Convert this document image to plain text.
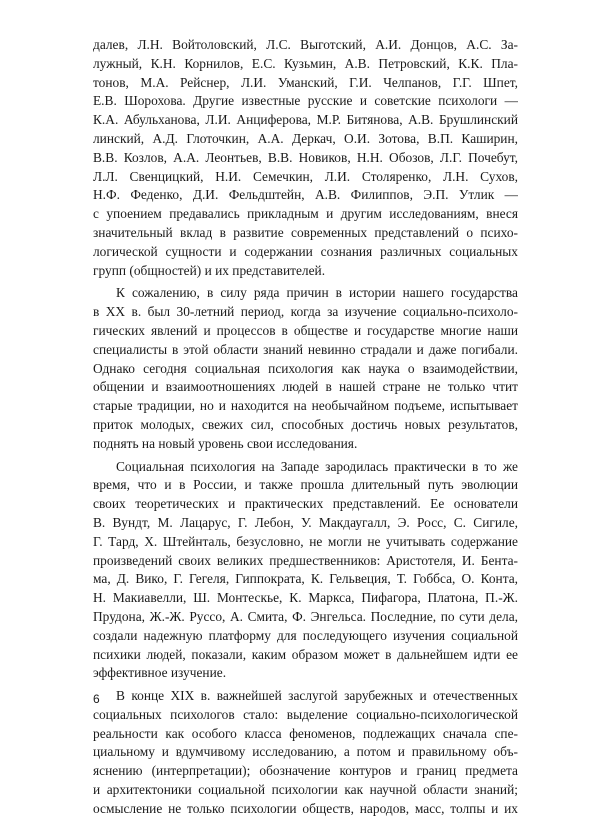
далев, Л.Н. Войтоловский, Л.С. Выготский, А.И. Донцов, А.С. За-
лужный, К.Н. Корнилов, Е.С. Кузьмин, А.В. Петровский, К.К. Пла-
тонов, М.А. Рейснер, Л.И. Уманский, Г.И. Челпанов, Г.Г. Шпет,
Е.В. Шорохова. Другие известные русские и советские психологи —
К.А. Абульханова, Л.И. Анциферова, М.Р. Битянова, А.В. Брушлинский
линский, А.Д. Глоточкин, А.А. Деркач, О.И. Зотова, В.П. Каширин,
В.В. Козлов, А.А. Леонтьев, В.В. Новиков, Н.Н. Обозов, Л.Г. Почебут,
Л.Л. Свенцицкий, Н.И. Семечкин, Л.И. Столяренко, Л.Н. Сухов,
Н.Ф. Феденко, Д.И. Фельдштейн, А.В. Филиппов, Э.П. Утлик —
с упоением предавались прикладным и другим исследованиям, внеся
значительный вклад в развитие современных представлений о психо-
логической сущности и содержании сознания различных социальных
групп (общностей) и их представителей.

К сожалению, в силу ряда причин в истории нашего государства
в XX в. был 30-летний период, когда за изучение социально-психоло-
гических явлений и процессов в обществе и государстве многие наши
специалисты в этой области знаний невинно страдали и даже погибали.
Однако сегодня социальная психология как наука о взаимодействии,
общении и взаимоотношениях людей в нашей стране не только чтит
старые традиции, но и находится на необычайном подъеме, испытывает
приток молодых, свежих сил, способных достичь новых результатов,
поднять на новый уровень свои исследования.

Социальная психология на Западе зародилась практически в то же
время, что и в России, и также прошла длительный путь эволюции
своих теоретических и практических представлений. Ее основатели
В. Вундт, М. Лацарус, Г. Лебон, У. Макдаугалл, Э. Росс, С. Сигиле,
Г. Тард, Х. Штейнталь, безусловно, не могли не учитывать содержание
произведений своих великих предшественников: Аристотеля, И. Бента-
ма, Д. Вико, Г. Гегеля, Гиппократа, К. Гельвеция, Т. Гоббса, О. Конта,
Н. Макиавелли, Ш. Монтескье, К. Маркса, Пифагора, Платона, П.-Ж.
Прудона, Ж.-Ж. Руссо, А. Смита, Ф. Энгельса. Последние, по сути дела,
создали надежную платформу для последующего изучения социальной
психики людей, показали, каким образом может в дальнейшем идти ее
эффективное изучение.

В конце XIX в. важнейшей заслугой зарубежных и отечественных
социальных психологов стало: выделение социально-психологической
реальности как особого класса феноменов, подлежащих сначала спе-
циальному и вдумчивому исследованию, а потом и правильному объ-
яснению (интерпретации); обозначение контуров и границ предмета
и архитектоники социальной психологии как научной области знаний;
осмысление не только психологии обществ, народов, масс, толпы и их

6
